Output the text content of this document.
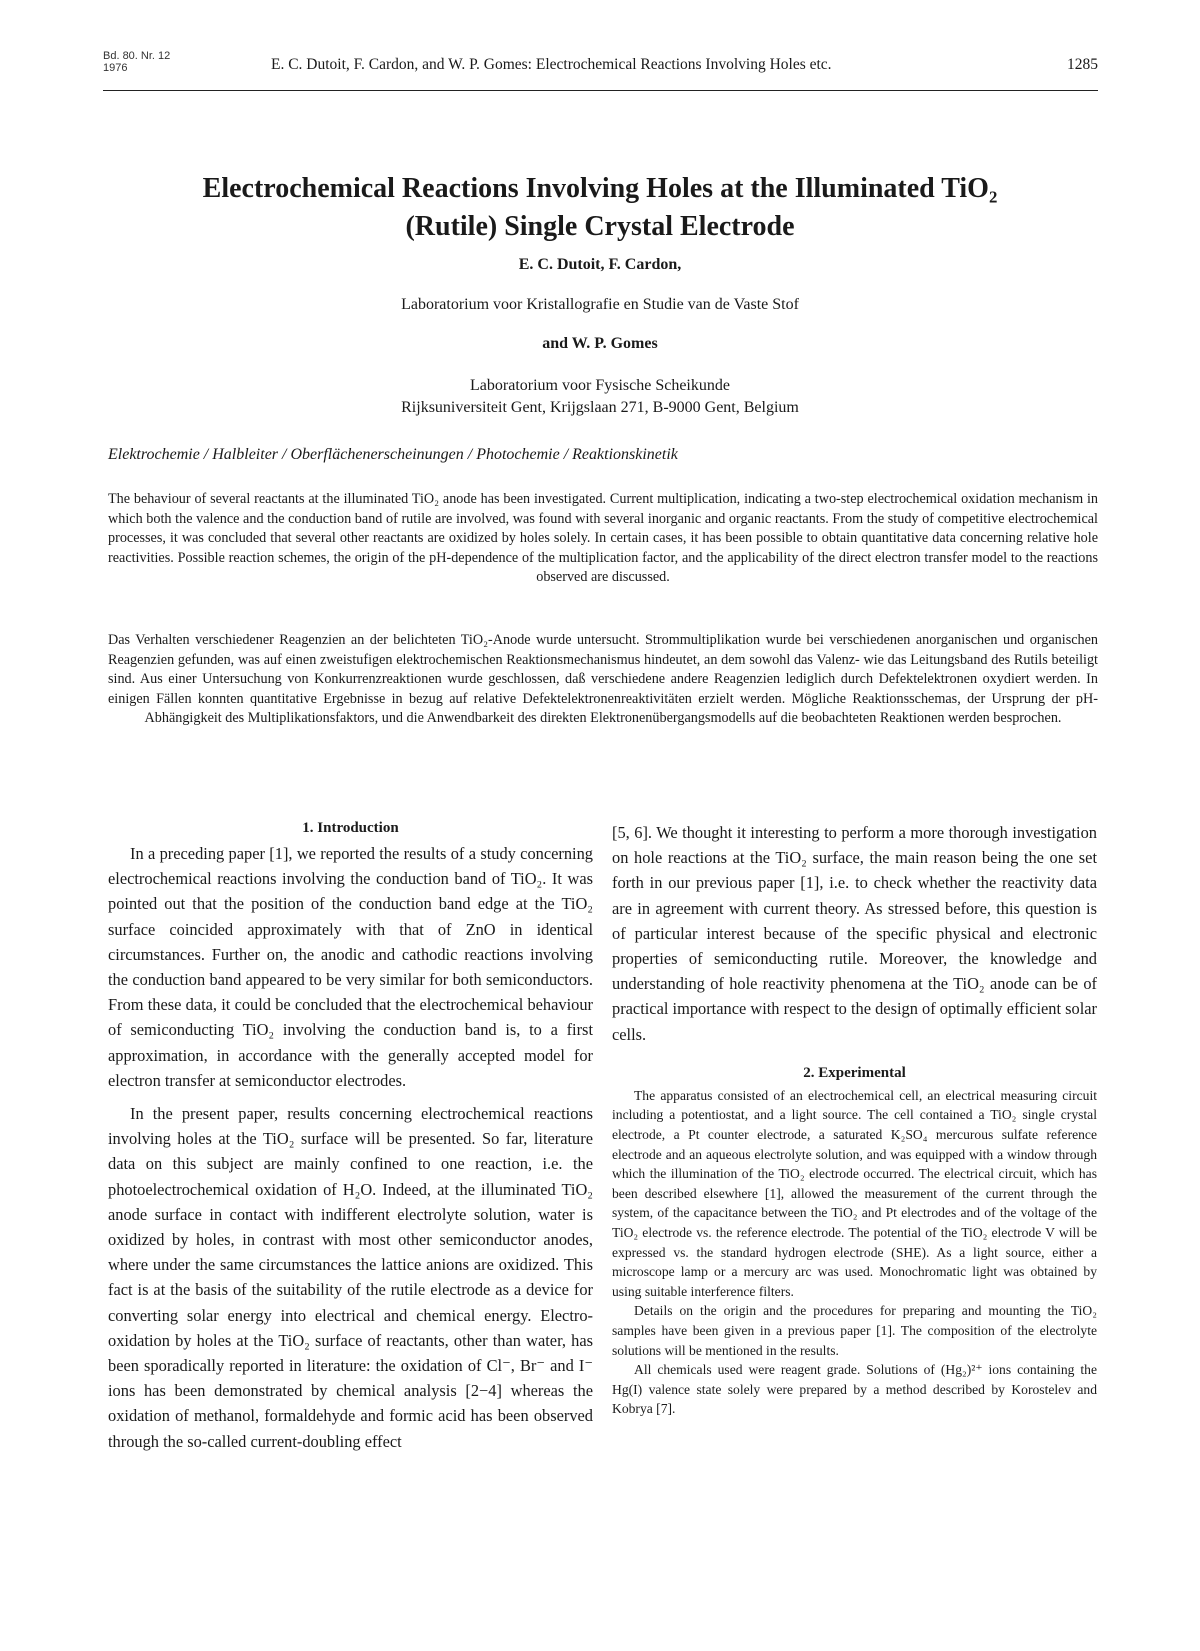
Bd. 80. Nr. 12
1976	E. C. Dutoit, F. Cardon, and W. P. Gomes: Electrochemical Reactions Involving Holes etc.	1285
Electrochemical Reactions Involving Holes at the Illuminated TiO₂
(Rutile) Single Crystal Electrode
E. C. Dutoit, F. Cardon,
Laboratorium voor Kristallografie en Studie van de Vaste Stof
and W. P. Gomes
Laboratorium voor Fysische Scheikunde
Rijksuniversiteit Gent, Krijgslaan 271, B-9000 Gent, Belgium
Elektrochemie / Halbleiter / Oberflächenerscheinungen / Photochemie / Reaktionskinetik

The behaviour of several reactants at the illuminated TiO₂ anode has been investigated. Current multiplication, indicating a two-step electrochemical oxidation mechanism in which both the valence and the conduction band of rutile are involved, was found with several inorganic and organic reactants. From the study of competitive electrochemical processes, it was concluded that several other reactants are oxidized by holes solely. In certain cases, it has been possible to obtain quantitative data concerning relative hole reactivities. Possible reaction schemes, the origin of the pH-dependence of the multiplication factor, and the applicability of the direct electron transfer model to the reactions observed are discussed.

Das Verhalten verschiedener Reagenzien an der belichteten TiO₂-Anode wurde untersucht. Strommultiplikation wurde bei verschiedenen anorganischen und organischen Reagenzien gefunden, was auf einen zweistufigen elektrochemischen Reaktionsmechanismus hindeutet, an dem sowohl das Valenz- wie das Leitungsband des Rutils beteiligt sind. Aus einer Untersuchung von Konkurrenzreaktionen wurde geschlossen, daß verschiedene andere Reagenzien lediglich durch Defektelektronen oxydiert werden. In einigen Fällen konnten quantitative Ergebnisse in bezug auf relative Defektelektronenreaktivitäten erzielt werden. Mögliche Reaktionsschemas, der Ursprung der pH-Abhängigkeit des Multiplikationsfaktors, und die Anwendbarkeit des direkten Elektronenübergangsmodells auf die beobachteten Reaktionen werden besprochen.

1. Introduction

In a preceding paper [1], we reported the results of a study concerning electrochemical reactions involving the conduction band of TiO₂. It was pointed out that the position of the conduction band edge at the TiO₂ surface coincided approximately with that of ZnO in identical circumstances. Further on, the anodic and cathodic reactions involving the conduction band appeared to be very similar for both semiconductors. From these data, it could be concluded that the electrochemical behaviour of semiconducting TiO₂ involving the conduction band is, to a first approximation, in accordance with the generally accepted model for electron transfer at semiconductor electrodes.

In the present paper, results concerning electrochemical reactions involving holes at the TiO₂ surface will be presented. So far, literature data on this subject are mainly confined to one reaction, i.e. the photoelectrochemical oxidation of H₂O. Indeed, at the illuminated TiO₂ anode surface in contact with indifferent electrolyte solution, water is oxidized by holes, in contrast with most other semiconductor anodes, where under the same circumstances the lattice anions are oxidized. This fact is at the basis of the suitability of the rutile electrode as a device for converting solar energy into electrical and chemical energy. Electro-oxidation by holes at the TiO₂ surface of reactants, other than water, has been sporadically reported in literature: the oxidation of Cl⁻, Br⁻ and I⁻ ions has been demonstrated by chemical analysis [2−4] whereas the oxidation of methanol, formaldehyde and formic acid has been observed through the so-called current-doubling effect

[5, 6]. We thought it interesting to perform a more thorough investigation on hole reactions at the TiO₂ surface, the main reason being the one set forth in our previous paper [1], i.e. to check whether the reactivity data are in agreement with current theory. As stressed before, this question is of particular interest because of the specific physical and electronic properties of semiconducting rutile. Moreover, the knowledge and understanding of hole reactivity phenomena at the TiO₂ anode can be of practical importance with respect to the design of optimally efficient solar cells.

2. Experimental

The apparatus consisted of an electrochemical cell, an electrical measuring circuit including a potentiostat, and a light source. The cell contained a TiO₂ single crystal electrode, a Pt counter electrode, a saturated K₂SO₄ mercurous sulfate reference electrode and an aqueous electrolyte solution, and was equipped with a window through which the illumination of the TiO₂ electrode occurred. The electrical circuit, which has been described elsewhere [1], allowed the measurement of the current through the system, of the capacitance between the TiO₂ and Pt electrodes and of the voltage of the TiO₂ electrode vs. the reference electrode. The potential of the TiO₂ electrode V will be expressed vs. the standard hydrogen electrode (SHE). As a light source, either a microscope lamp or a mercury arc was used. Monochromatic light was obtained by using suitable interference filters.

Details on the origin and the procedures for preparing and mounting the TiO₂ samples have been given in a previous paper [1]. The composition of the electrolyte solutions will be mentioned in the results.

All chemicals used were reagent grade. Solutions of (Hg₂)²⁺ ions containing the Hg(I) valence state solely were prepared by a method described by Korostelev and Kobrya [7].
